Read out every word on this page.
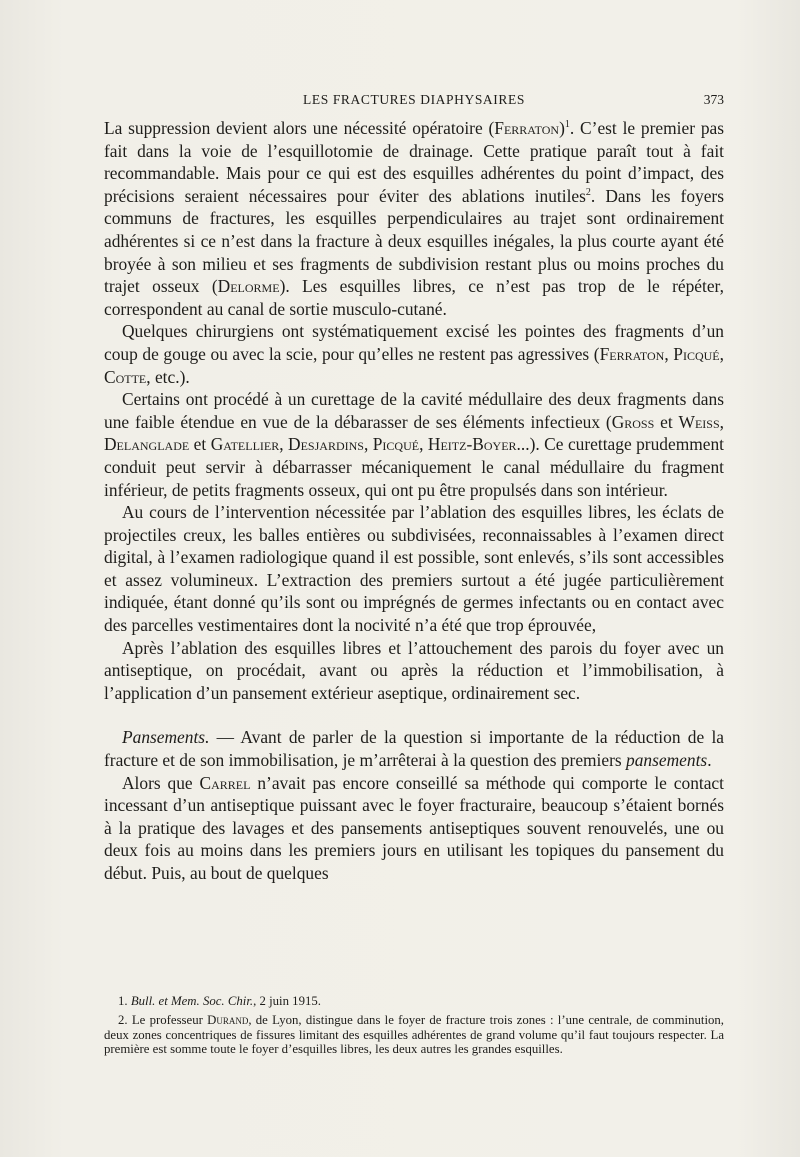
LES FRACTURES DIAPHYSAIRES	373

La suppression devient alors une nécessité opératoire (Ferraton)$^1$. C’est le premier pas fait dans la voie de l’esquillotomie de drainage. Cette pratique paraît tout à fait recommandable. Mais pour ce qui est des esquilles adhérentes du point d’impact, des précisions seraient nécessaires pour éviter des ablations inutiles$^2$. Dans les foyers communs de fractures, les esquilles perpendiculaires au trajet sont ordinairement adhérentes si ce n’est dans la fracture à deux esquilles inégales, la plus courte ayant été broyée à son milieu et ses fragments de subdivision restant plus ou moins proches du trajet osseux (Delorme). Les esquilles libres, ce n’est pas trop de le répéter, correspondent au canal de sortie musculo-cutané.

Quelques chirurgiens ont systématiquement excisé les pointes des fragments d’un coup de gouge ou avec la scie, pour qu’elles ne restent pas agressives (Ferraton, Picqué, Cotte, etc.).

Certains ont procédé à un curettage de la cavité médullaire des deux fragments dans une faible étendue en vue de la débarasser de ses éléments infectieux (Gross et Weiss, Delanglade et Gatellier, Desjardins, Picqué, Heitz-Boyer...). Ce curettage prudemment conduit peut servir à débarrasser mécaniquement le canal médullaire du fragment inférieur, de petits fragments osseux, qui ont pu être propulsés dans son intérieur.

Au cours de l’intervention nécessitée par l’ablation des esquilles libres, les éclats de projectiles creux, les balles entières ou subdivisées, reconnaissables à l’examen direct digital, à l’examen radiologique quand il est possible, sont enlevés, s’ils sont accessibles et assez volumineux. L’extraction des premiers surtout a été jugée particulièrement indiquée, étant donné qu’ils sont ou imprégnés de germes infectants ou en contact avec des parcelles vestimentaires dont la nocivité n’a été que trop éprouvée,

Après l’ablation des esquilles libres et l’attouchement des parois du foyer avec un antiseptique, on procédait, avant ou après la réduction et l’immobilisation, à l’application d’un pansement extérieur aseptique, ordinairement sec.

Pansements. — Avant de parler de la question si importante de la réduction de la fracture et de son immobilisation, je m’arrêterai à la question des premiers pansements.

Alors que Carrel n’avait pas encore conseillé sa méthode qui comporte le contact incessant d’un antiseptique puissant avec le foyer fracturaire, beaucoup s’étaient bornés à la pratique des lavages et des pansements antiseptiques souvent renouvelés, une ou deux fois au moins dans les premiers jours en utilisant les topiques du pansement du début. Puis, au bout de quelques

1. Bull. et Mem. Soc. Chir., 2 juin 1915.

2. Le professeur Durand, de Lyon, distingue dans le foyer de fracture trois zones : l’une centrale, de comminution, deux zones concentriques de fissures limitant des esquilles adhérentes de grand volume qu’il faut toujours respecter. La première est somme toute le foyer d’esquilles libres, les deux autres les grandes esquilles.
